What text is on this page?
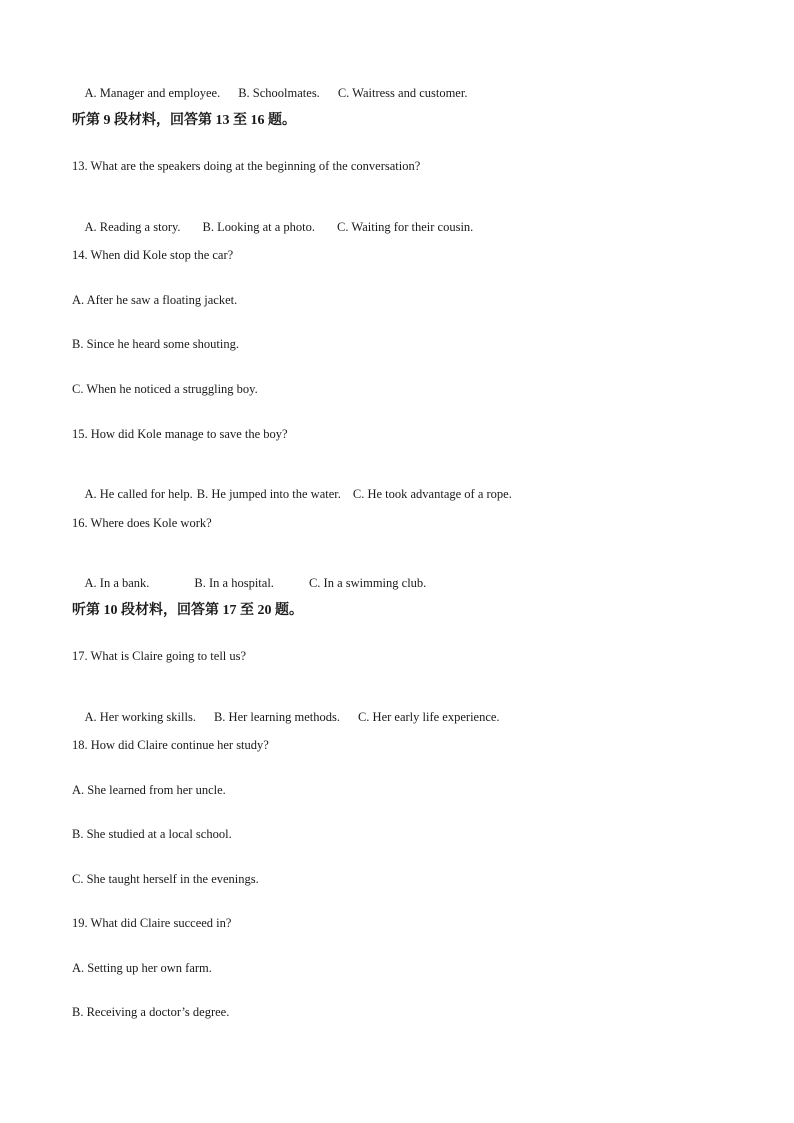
A. Manager and employee. B. Schoolmates. C. Waitress and customer.

听第 9 段材料，回答第 13 至 16 题。
13. What are the speakers doing at the beginning of the conversation?

A. Reading a story. B. Looking at a photo. C. Waiting for their cousin.

14. When did Kole stop the car?
A. After he saw a floating jacket.
B. Since he heard some shouting.
C. When he noticed a struggling boy.
15. How did Kole manage to save the boy?

A. He called for help. B. He jumped into the water. C. He took advantage of a rope.

16. Where does Kole work?

A. In a bank.	B. In a hospital.	C. In a swimming club.

听第 10 段材料，回答第 17 至 20 题。
17. What is Claire going to tell us?

A. Her working skills. B. Her learning methods. C. Her early life experience.

18. How did Claire continue her study?
A. She learned from her uncle.
B. She studied at a local school.
C. She taught herself in the evenings.
19. What did Claire succeed in?
A. Setting up her own farm.
B. Receiving a doctor’s degree.
